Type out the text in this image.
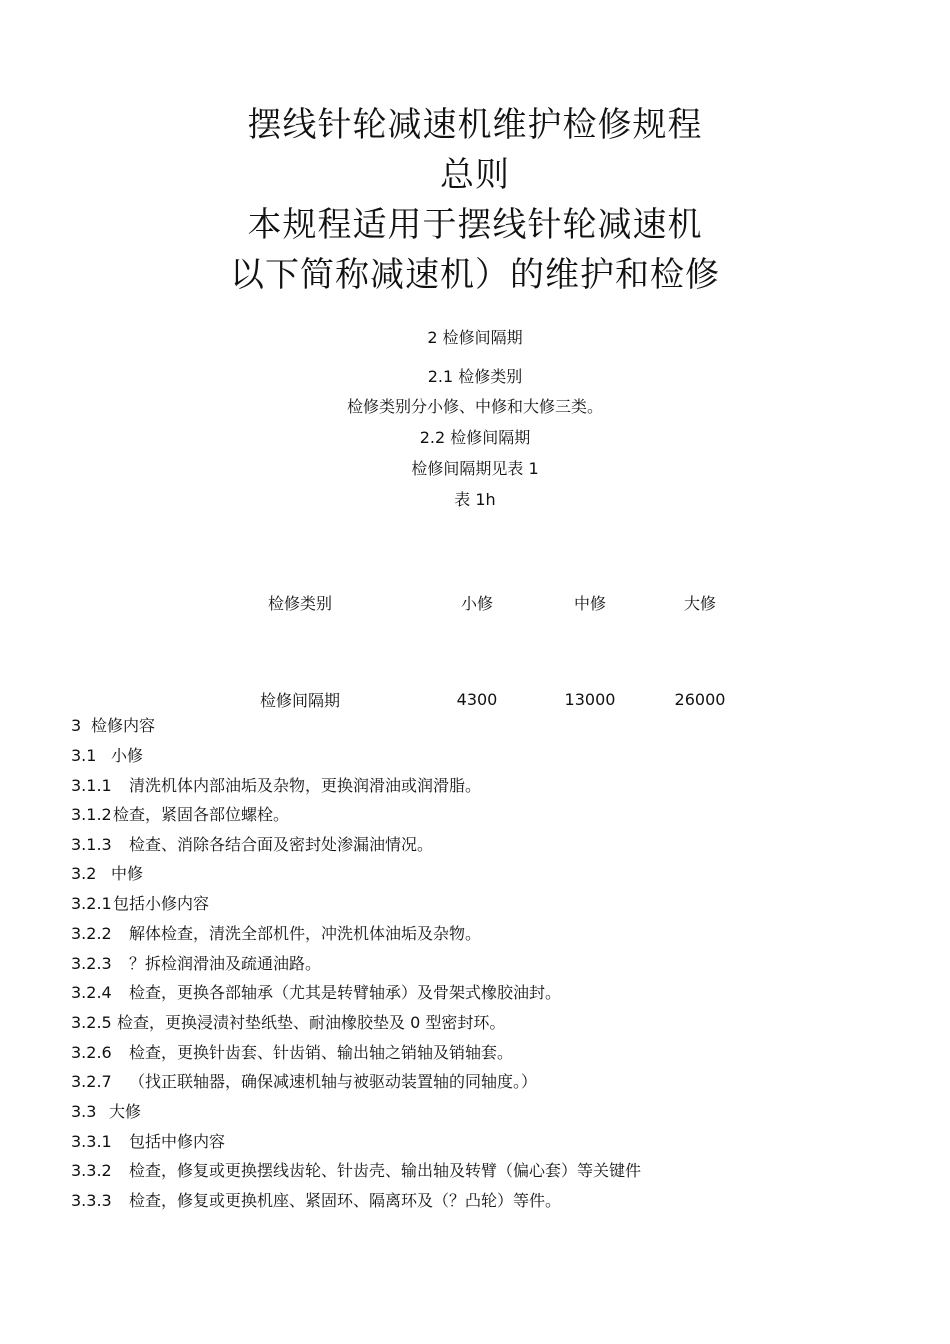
摆线针轮减速机维护检修规程
总则
本规程适用于摆线针轮减速机
以下简称减速机）的维护和检修
2 检修间隔期
2.1 检修类别
检修类别分小修、中修和大修三类。
2.2 检修间隔期
检修间隔期见表 1
表 1h
检修类别	小修	中修	大修
检修间隔期	4300	13000	26000
3 检修内容
3.1 小修
3.1.1 清洗机体内部油垢及杂物，更换润滑油或润滑脂。
3.1.2检查，紧固各部位螺栓。
3.1.3 检查、消除各结合面及密封处渗漏油情况。
3.2 中修
3.2.1包括小修内容
3.2.2 解体检查，清洗全部机件，冲洗机体油垢及杂物。
3.2.3 ？拆检润滑油及疏通油路。
3.2.4 检查，更换各部轴承（尤其是转臂轴承）及骨架式橡胶油封。
3.2.5 检查，更换浸渍衬垫纸垫、耐油橡胶垫及 0 型密封环。
3.2.6 检查，更换针齿套、针齿销、输出轴之销轴及销轴套。
3.2.7 （找正联轴器，确保减速机轴与被驱动装置轴的同轴度。）
3.3 大修
3.3.1 包括中修内容
3.3.2 检查，修复或更换摆线齿轮、针齿壳、输出轴及转臂（偏心套）等关键件
3.3.3 检查，修复或更换机座、紧固环、隔离环及（？凸轮）等件。
